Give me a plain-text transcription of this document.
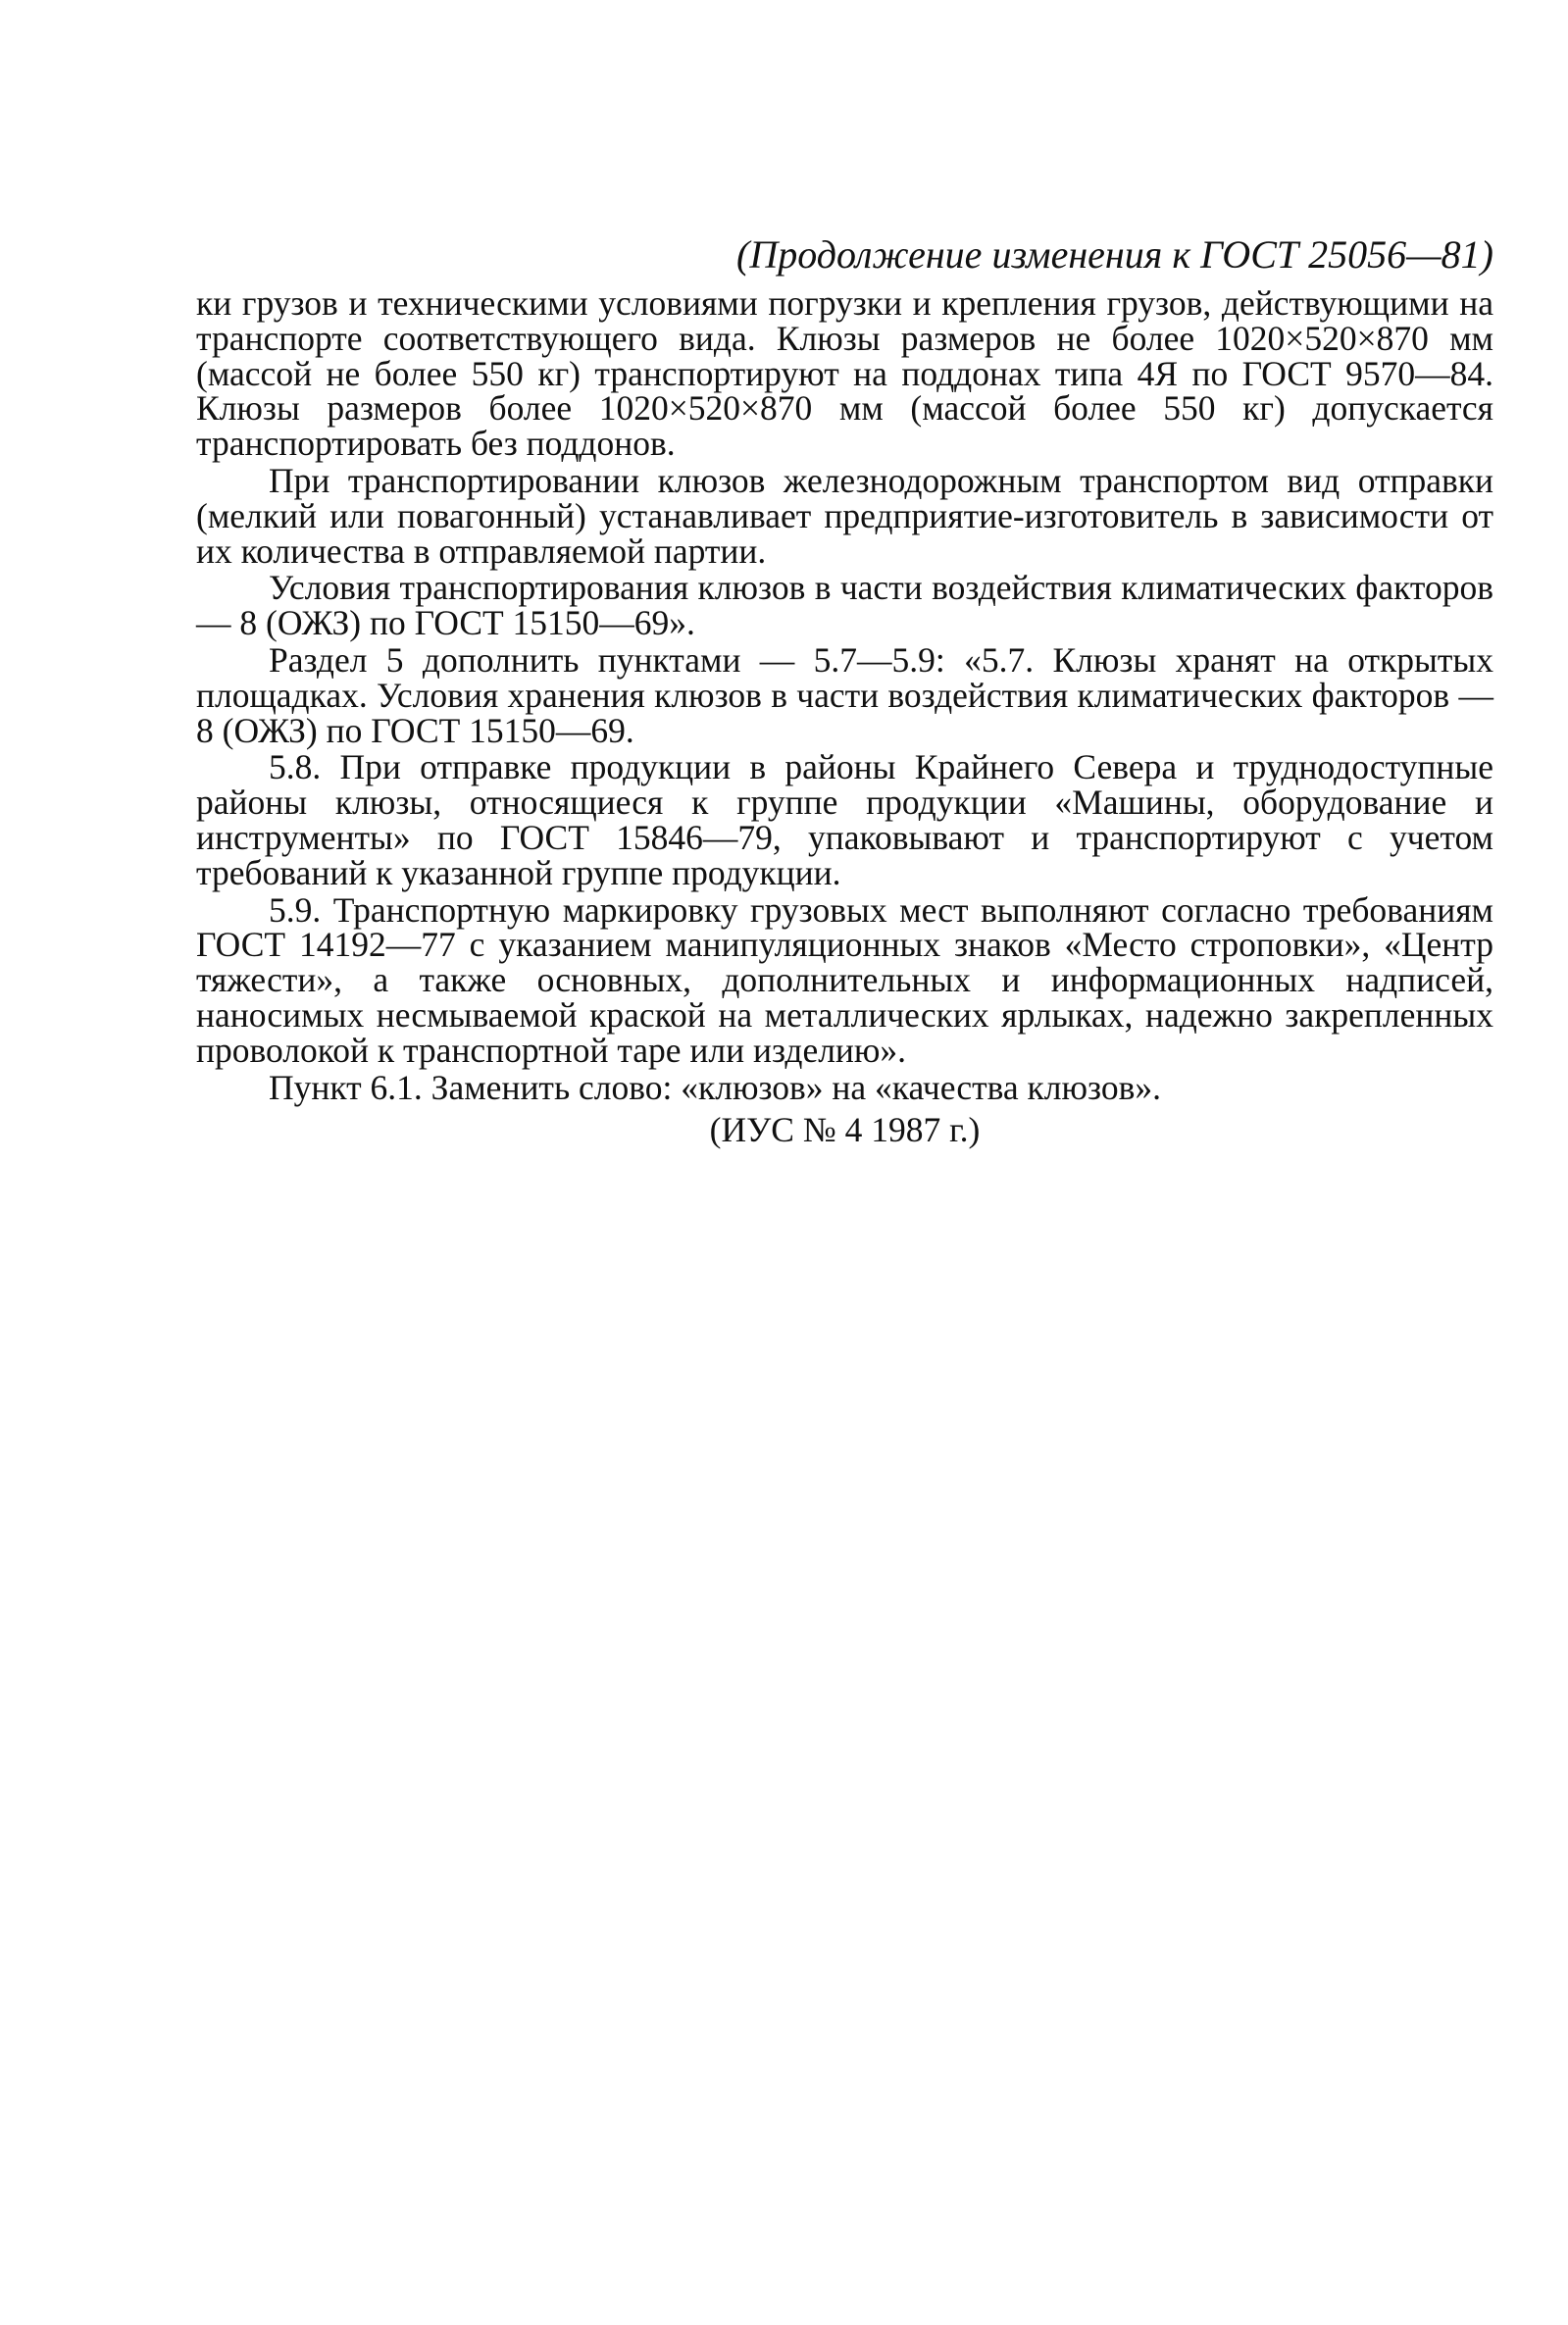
(Продолжение изменения к ГОСТ 25056—81)

ки грузов и техническими условиями погрузки и крепления грузов, действующими на транспорте соответствующего вида. Клюзы размеров не более 1020×520×870 мм (массой не более 550 кг) транспортируют на поддонах типа 4Я по ГОСТ 9570—84. Клюзы размеров более 1020×520×870 мм (массой более 550 кг) допускается транспортировать без поддонов.

При транспортировании клюзов железнодорожным транспортом вид отправки (мелкий или повагонный) устанавливает предприятие-изготовитель в зависимости от их количества в отправляемой партии.

Условия транспортирования клюзов в части воздействия климатических факторов — 8 (ОЖЗ) по ГОСТ 15150—69».

Раздел 5 дополнить пунктами — 5.7—5.9: «5.7. Клюзы хранят на открытых площадках. Условия хранения клюзов в части воздействия климатических факторов — 8 (ОЖЗ) по ГОСТ 15150—69.

5.8. При отправке продукции в районы Крайнего Севера и труднодоступные районы клюзы, относящиеся к группе продукции «Машины, оборудование и инструменты» по ГОСТ 15846—79, упаковывают и транспортируют с учетом требований к указанной группе продукции.

5.9. Транспортную маркировку грузовых мест выполняют согласно требованиям ГОСТ 14192—77 с указанием манипуляционных знаков «Место строповки», «Центр тяжести», а также основных, дополнительных и информационных надписей, наносимых несмываемой краской на металлических ярлыках, надежно закрепленных проволокой к транспортной таре или изделию».

Пункт 6.1. Заменить слово: «клюзов» на «качества клюзов».

(ИУС № 4 1987 г.)
